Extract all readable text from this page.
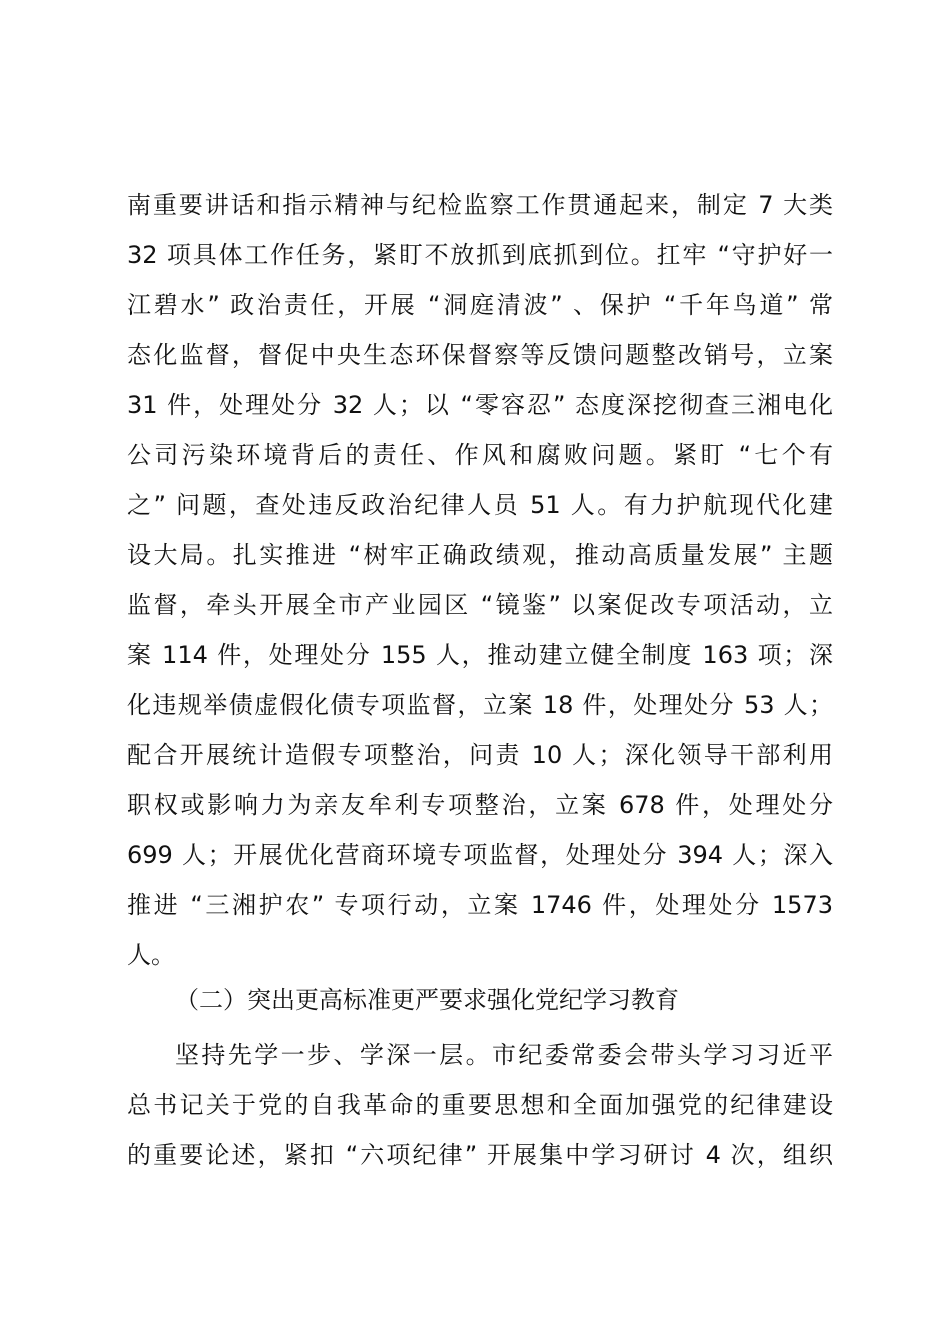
南重要讲话和指示精神与纪检监察工作贯通起来，制定 7 大类
32 项具体工作任务，紧盯不放抓到底抓到位。扛牢 “守护好一
江碧水” 政治责任，开展 “洞庭清波” 、保护 “千年鸟道” 常
态化监督，督促中央生态环保督察等反馈问题整改销号，立案
31 件，处理处分 32 人；以 “零容忍” 态度深挖彻查三湘电化
公司污染环境背后的责任、作风和腐败问题。紧盯 “七个有
之” 问题，查处违反政治纪律人员 51 人。有力护航现代化建
设大局。扎实推进 “树牢正确政绩观，推动高质量发展” 主题
监督，牵头开展全市产业园区 “镜鉴” 以案促改专项活动，立
案 114 件，处理处分 155 人，推动建立健全制度 163 项；深
化违规举债虚假化债专项监督，立案 18 件，处理处分 53 人；
配合开展统计造假专项整治，问责 10 人；深化领导干部利用
职权或影响力为亲友牟利专项整治，立案 678 件，处理处分
699 人；开展优化营商环境专项监督，处理处分 394 人；深入
推进 “三湘护农” 专项行动，立案 1746 件，处理处分 1573
人。
（二）突出更高标准更严要求强化党纪学习教育
坚持先学一步、学深一层。市纪委常委会带头学习习近平
总书记关于党的自我革命的重要思想和全面加强党的纪律建设
的重要论述，紧扣 “六项纪律” 开展集中学习研讨 4 次，组织
